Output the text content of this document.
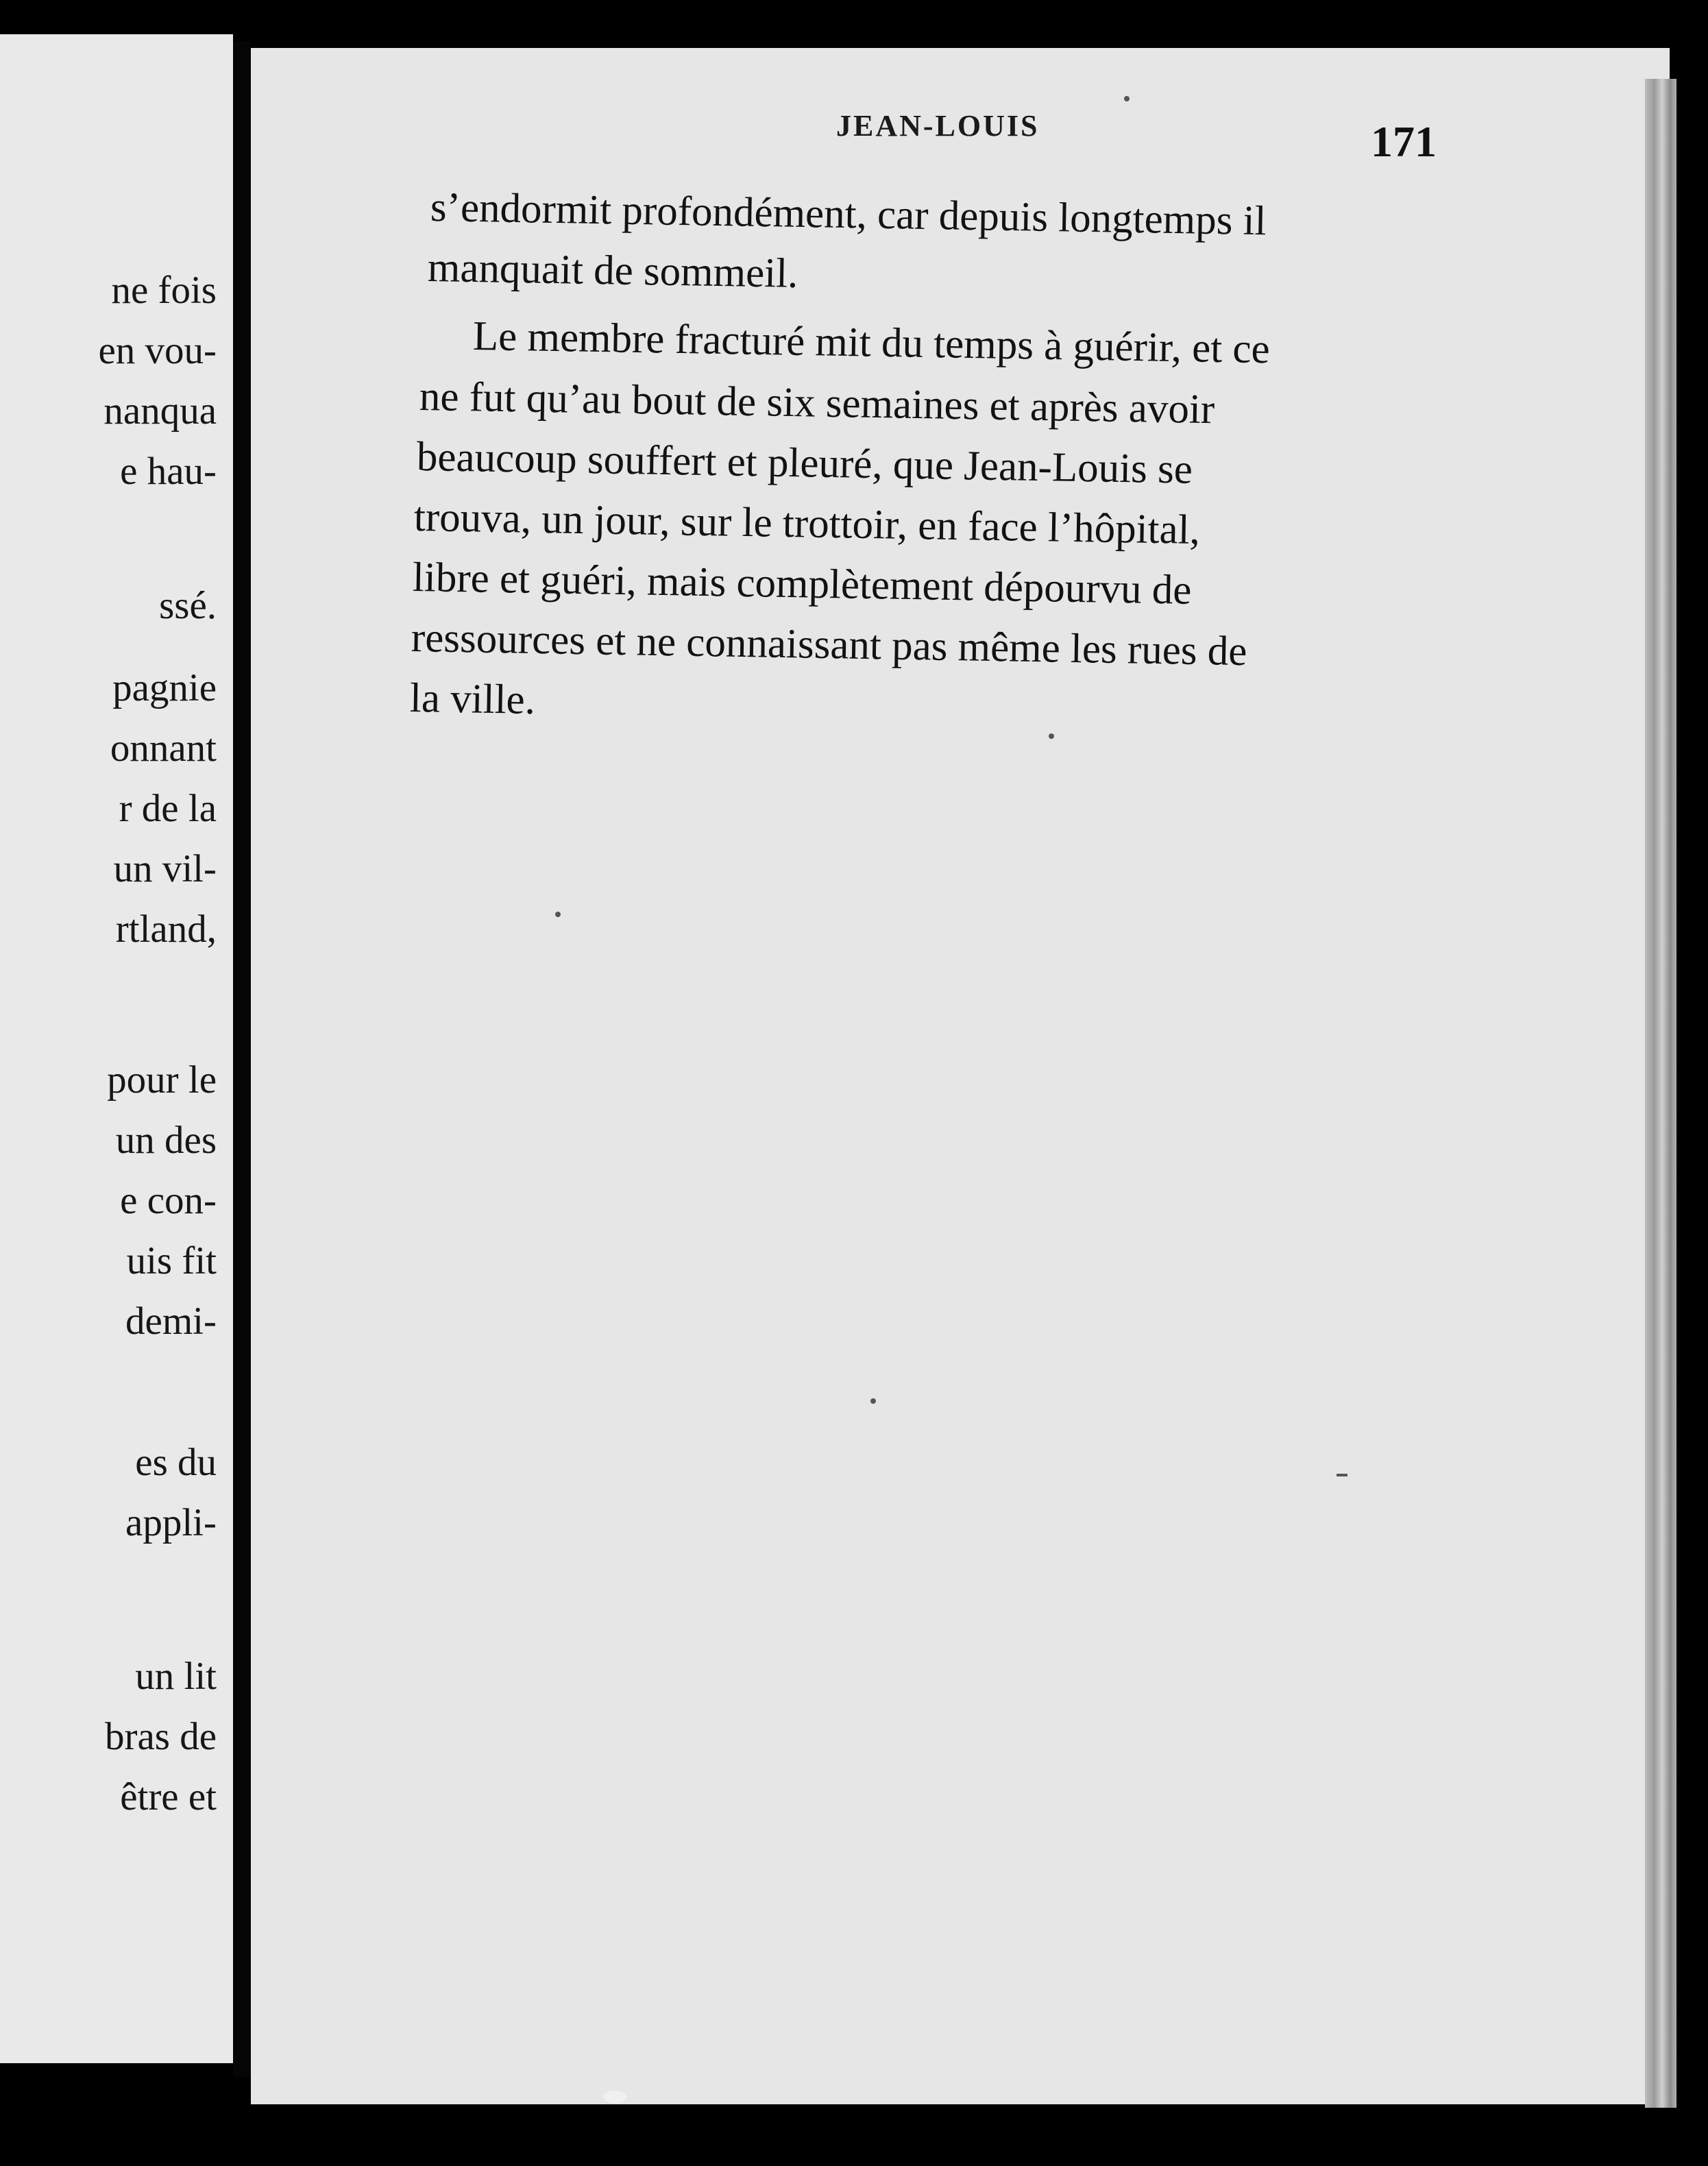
ne fois
en vou-
nanqua
e hau-
ssé.
pagnie
onnant
r de la
un vil-
rtland,
pour le
un des
e con-
uis fit
demi-
es du
appli-
un lit
bras de
être et
JEAN-LOUIS	171
s’endormit profondément, car depuis longtemps il
manquait de sommeil.
Le membre fracturé mit du temps à guérir, et ce
ne fut qu’au bout de six semaines et après avoir
beaucoup souffert et pleuré, que Jean-Louis se
trouva, un jour, sur le trottoir, en face l’hôpital,
libre et guéri, mais complètement dépourvu de
ressources et ne connaissant pas même les rues de
la ville.
